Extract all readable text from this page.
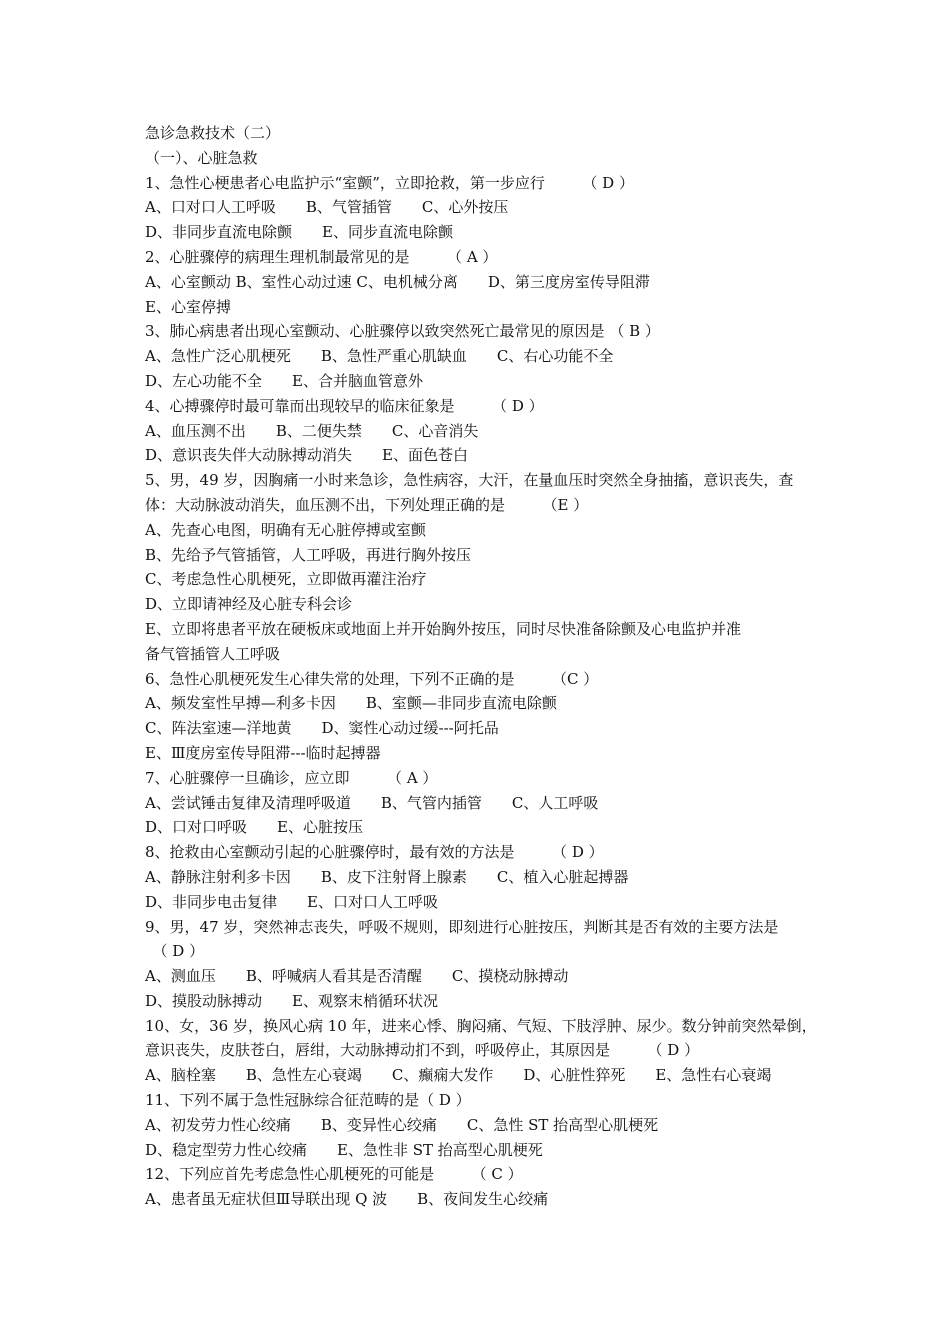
急诊急救技术（二）
（一）、心脏急救
1、急性心梗患者心电监护示“室颤”，立即抢救，第一步应行　　　（ D ）
A、口对口人工呼吸　　B、气管插管　　C、心外按压
D、非同步直流电除颤　　E、同步直流电除颤
2、心脏骤停的病理生理机制最常见的是　　　（ A ）
A、心室颤动 B、室性心动过速 C、电机械分离　　D、第三度房室传导阻滞
E、心室停搏
3、肺心病患者出现心室颤动、心脏骤停以致突然死亡最常见的原因是 （ B ）
A、急性广泛心肌梗死　　B、急性严重心肌缺血　　C、右心功能不全
D、左心功能不全　　E、合并脑血管意外
4、心搏骤停时最可靠而出现较早的临床征象是　　　（ D ）
A、血压测不出　　B、二便失禁　　C、心音消失
D、意识丧失伴大动脉搏动消失　　E、面色苍白
5、男，49 岁，因胸痛一小时来急诊，急性病容，大汗，在量血压时突然全身抽搐，意识丧失，查
体：大动脉波动消失，血压测不出，下列处理正确的是　　　（E ）
A、先查心电图，明确有无心脏停搏或室颤
B、先给予气管插管，人工呼吸，再进行胸外按压
C、考虑急性心肌梗死，立即做再灌注治疗
D、立即请神经及心脏专科会诊
E、立即将患者平放在硬板床或地面上并开始胸外按压，同时尽快准备除颤及心电监护并准
备气管插管人工呼吸
6、急性心肌梗死发生心律失常的处理，下列不正确的是　　　（C ）
A、频发室性早搏—利多卡因　　B、室颤—非同步直流电除颤
C、阵法室速—洋地黄　　D、窦性心动过缓---阿托品
E、Ⅲ度房室传导阻滞---临时起搏器
7、心脏骤停一旦确诊，应立即　　　（ A ）
A、尝试锤击复律及清理呼吸道　　B、气管内插管　　C、人工呼吸
D、口对口呼吸　　E、心脏按压
8、抢救由心室颤动引起的心脏骤停时，最有效的方法是　　　（ D ）
A、静脉注射利多卡因　　B、皮下注射肾上腺素　　C、植入心脏起搏器
D、非同步电击复律　　E、口对口人工呼吸
9、男，47 岁，突然神志丧失，呼吸不规则，即刻进行心脏按压，判断其是否有效的主要方法是
　（ D ）
A、测血压　　B、呼喊病人看其是否清醒　　C、摸桡动脉搏动
D、摸股动脉搏动　　E、观察末梢循环状况
10、女，36 岁，换风心病 10 年，进来心悸、胸闷痛、气短、下肢浮肿、尿少。数分钟前突然晕倒，
意识丧失，皮肤苍白，唇绀，大动脉搏动扪不到，呼吸停止，其原因是　　　（ D ）
A、脑栓塞　　B、急性左心衰竭　　C、癫痫大发作　　D、心脏性猝死　　E、急性右心衰竭
11、下列不属于急性冠脉综合征范畴的是（ D ）
A、初发劳力性心绞痛　　B、变异性心绞痛　　C、急性 ST 抬高型心肌梗死
D、稳定型劳力性心绞痛　　E、急性非 ST 抬高型心肌梗死
12、下列应首先考虑急性心肌梗死的可能是　　　（ C ）
A、患者虽无症状但Ⅲ导联出现 Q 波　　B、夜间发生心绞痛
